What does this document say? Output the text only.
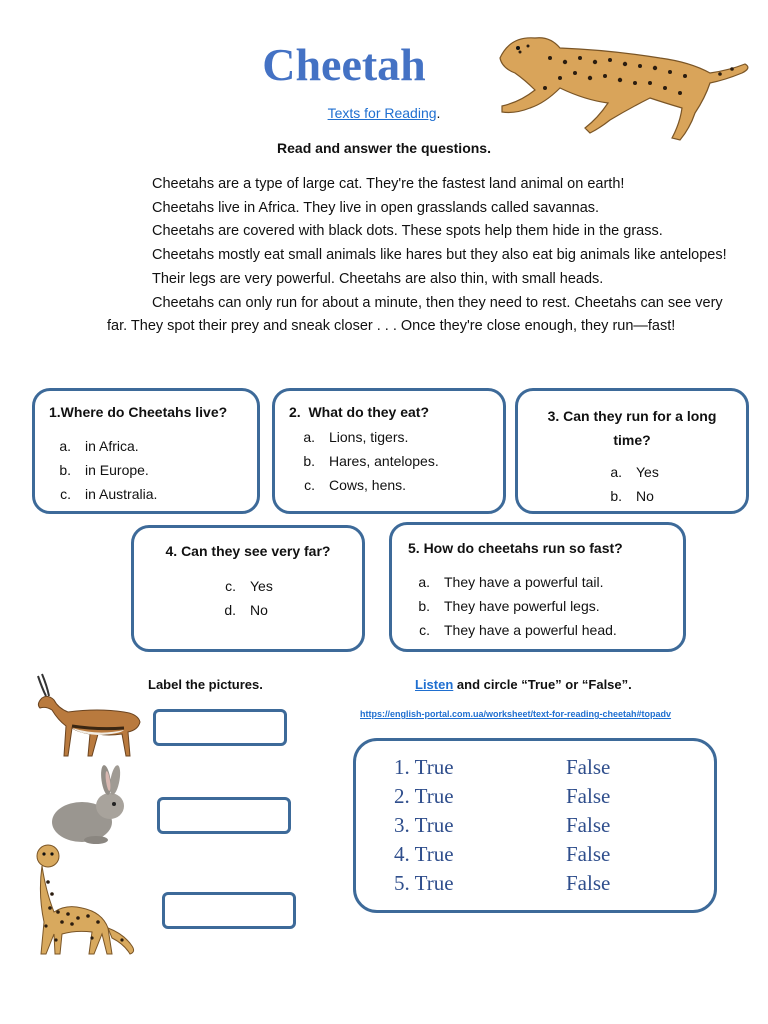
Cheetah
Texts for Reading.
Read and answer the questions.

Cheetahs are a type of large cat. They're the fastest land animal on earth!

Cheetahs live in Africa. They live in open grasslands called savannas.

Cheetahs are covered with black dots. These spots help them hide in the grass.

Cheetahs mostly eat small animals like hares but they also eat big animals like antelopes!

Their legs are very powerful. Cheetahs are also thin, with small heads.

Cheetahs can only run for about a minute, then they need to rest. Cheetahs can see very far. They spot their prey and sneak closer . . . Once they're close enough, they run—fast!

1.Where do Cheetahs live?
a. in Africa.
b. in Europe.
c. in Australia.
2.  What do they eat?
a. Lions, tigers.
b. Hares, antelopes.
c. Cows, hens.
3. Can they run for a long time?
a. Yes
b. No
4. Can they see very far?
c. Yes
d. No
5. How do cheetahs run so fast?
a. They have a powerful tail.
b. They have powerful legs.
c. They have a powerful head.
Label the pictures.	Listen and circle “True” or “False”.
https://english-portal.com.ua/worksheet/text-for-reading-cheetah#topadv
1. True	False
2. True	False
3. True	False
4. True	False
5. True	False
